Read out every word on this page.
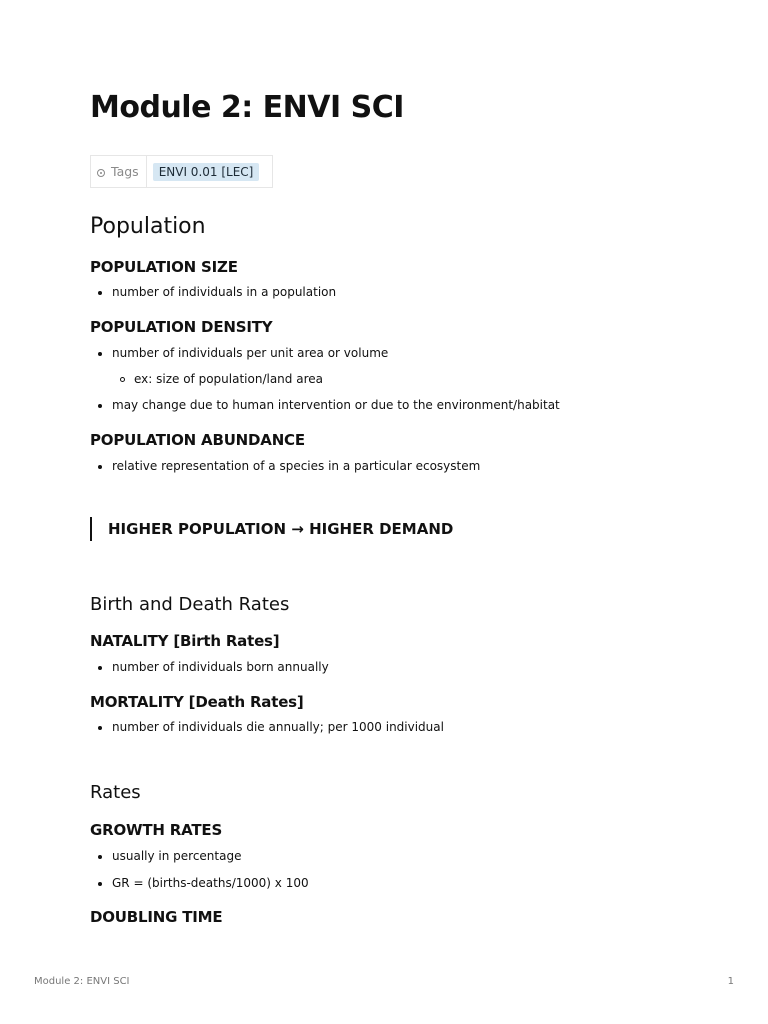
Module 2: ENVI SCI
Tags	ENVI 0.01 [LEC]
Population
POPULATION SIZE
number of individuals in a population
POPULATION DENSITY
number of individuals per unit area or volume
ex: size of population/land area
may change due to human intervention or due to the environment/habitat
POPULATION ABUNDANCE
relative representation of a species in a particular ecosystem
HIGHER POPULATION → HIGHER DEMAND
Birth and Death Rates
NATALITY [Birth Rates]
number of individuals born annually
MORTALITY [Death Rates]
number of individuals die annually; per 1000 individual
Rates
GROWTH RATES
usually in percentage
GR = (births-deaths/1000) x 100
DOUBLING TIME
Module 2: ENVI SCI	1
